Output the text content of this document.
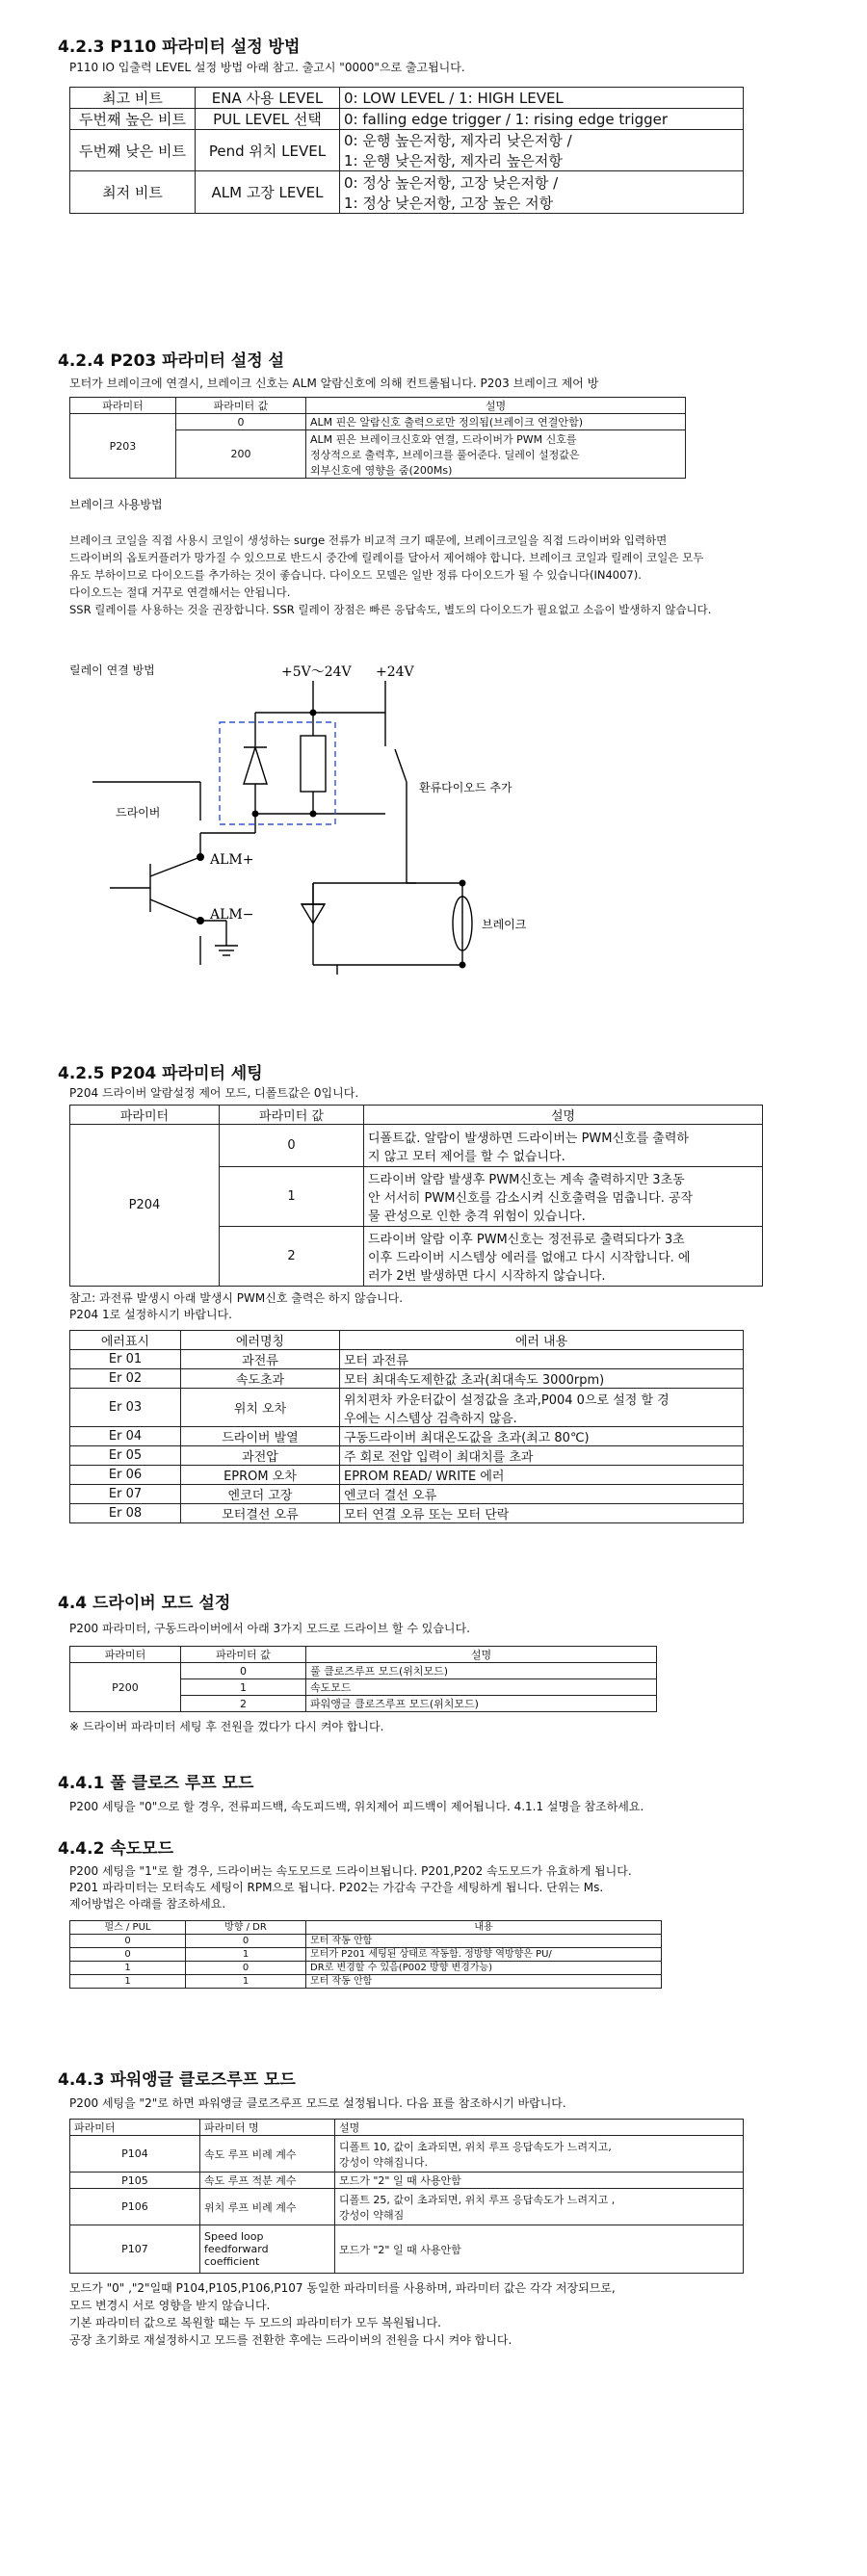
4.2.3 P110 파라미터 설정 방법

P110 IO 입출력 LEVEL 설정 방법 아래 참고. 출고시 "0000"으로 출고됩니다.

최고 비트	ENA 사용 LEVEL	0: LOW LEVEL / 1: HIGH LEVEL

두번째 높은 비트	PUL LEVEL 선택	0: falling edge trigger / 1: rising edge trigger

두번째 낮은 비트	Pend 위치 LEVEL	0: 운행 높은저항, 제자리 낮은저항 /
1: 운행 낮은저항, 제자리 높은저항

최저 비트	ALM 고장 LEVEL	0: 정상 높은저항, 고장 낮은저항 /
1: 정상 낮은저항, 고장 높은 저항
4.2.4 P203 파라미터 설정 설

모터가 브레이크에 연결시, 브레이크 신호는 ALM 알람신호에 의해 컨트롤됩니다. P203 브레이크 제어 방

파라미터	파라미터 값	설명
P203	0	ALM 핀은 알람신호 출력으로만 정의됨(브레이크 연결안함)
	200	ALM 핀은 브레이크신호와 연결, 드라이버가 PWM 신호를
정상적으로 출력후, 브레이크를 풀어준다. 딜레이 설정값은
외부신호에 영향을 줌(200Ms)

브레이크 사용방법

브레이크 코일을 직접 사용시 코일이 생성하는 surge 전류가 비교적 크기 때문에, 브레이크코일을 직접 드라이버와 입력하면
드라이버의 옵토커플러가 망가질 수 있으므로 반드시 중간에 릴레이를 달아서 제어해야 합니다. 브레이크 코일과 릴레이 코일은 모두
유도 부하이므로 다이오드를 추가하는 것이 좋습니다. 다이오드 모델은 일반 정류 다이오드가 될 수 있습니다(IN4007).
다이오드는 절대 거꾸로 연결해서는 안됩니다.
SSR 릴레이를 사용하는 것을 권장합니다. SSR 릴레이 장점은 빠른 응답속도, 별도의 다이오드가 필요없고 소음이 발생하지 않습니다.

릴레이 연결 방법	+5V～24V +24V
환류다이오드 추가
드라이버
ALM+
ALM−
브레이크
4.2.5 P204 파라미터 세팅

P204 드라이버 알람설정 제어 모드, 디폴트값은 0입니다.

파라미터	파라미터 값	설명
P204	0	디폴트값. 알람이 발생하면 드라이버는 PWM신호를 출력하
지 않고 모터 제어를 할 수 없습니다.

	1	드라이버 알람 발생후 PWM신호는 계속 출력하지만 3초동
안 서서히 PWM신호를 감소시켜 신호출력을 멈춥니다. 공작
물 관성으로 인한 충격 위험이 있습니다.

	2	드라이버 알람 이후 PWM신호는 정전류로 출력되다가 3초
이후 드라이버 시스템상 에러를 없애고 다시 시작합니다. 에
러가 2번 발생하면 다시 시작하지 않습니다.

참고: 과전류 발생시 아래 발생시 PWM신호 출력은 하지 않습니다.

P204 1로 설정하시기 바랍니다.

에러표시	에러명칭	에러 내용
Er 01	과전류	모터 과전류
Er 02	속도초과	모터 최대속도제한값 초과(최대속도 3000rpm)
Er 03	위치 오차	위치편차 카운터값이 설정값을 초과,P004 0으로 설정 할 경
우에는 시스템상 검측하지 않음.

Er 04	드라이버 발열	구동드라이버 최대온도값을 초과(최고 80℃)
Er 05	과전압	주 회로 전압 입력이 최대치를 초과
Er 06	EPROM 오차	EPROM READ/ WRITE 에러
Er 07	엔코더 고장	엔코더 결선 오류
Er 08	모터결선 오류	모터 연결 오류 또는 모터 단락
4.4 드라이버 모드 설정

P200 파라미터, 구동드라이버에서 아래 3가지 모드로 드라이브 할 수 있습니다.

파라미터	파라미터 값	설명
P200	0	풀 클로즈루프 모드(위치모드)
	1	속도모드
	2	파워앵글 클로즈루프 모드(위치모드)

※ 드라이버 파라미터 세팅 후 전원을 껐다가 다시 켜야 합니다.

4.4.1 풀 클로즈 루프 모드

P200 세팅을 "0"으로 할 경우, 전류피드백, 속도피드백, 위치제어 피드백이 제어됩니다. 4.1.1 설명을 참조하세요.

4.4.2 속도모드

P200 세팅을 "1"로 할 경우, 드라이버는 속도모드로 드라이브됩니다. P201,P202 속도모드가 유효하게 됩니다.

P201 파라미터는 모터속도 세팅이 RPM으로 됩니다. P202는 가감속 구간을 세팅하게 됩니다. 단위는 Ms.

제어방법은 아래를 참조하세요.

펄스 / PUL	방향 / DR	내용
0	0	모터 작동 안함
0	1	모터가 P201 세팅된 상태로 작동함. 정방향 역방향은 PU/
1	0	DR로 변경할 수 있음(P002 방향 변경가능)
1	1	모터 작동 안함
4.4.3 파워앵글 클로즈루프 모드

P200 세팅을 "2"로 하면 파워앵글 클로즈루프 모드로 설정됩니다. 다음 표를 참조하시기 바랍니다.

파라미터	파라미터 명	설명
P104	속도 루프 비례 계수	디폴트 10, 값이 초과되면, 위치 루프 응답속도가 느려지고,
강성이 약해집니다.

P105	속도 루프 적분 계수	모드가 "2" 일 때 사용안함
P106	위치 루프 비례 계수	디폴트 25, 값이 초과되면, 위치 루프 응답속도가 느려지고 ,
강성이 약해짐

P107	Speed loop
feedforward
coefficient	모드가 "2" 일 때 사용안함
모드가 "0" ,"2"일때 P104,P105,P106,P107 동일한 파라미터를 사용하며, 파라미터 값은 각각 저장되므로,
모드 변경시 서로 영향을 받지 않습니다.
기본 파라미터 값으로 복원할 때는 두 모드의 파라미터가 모두 복원됩니다.
공장 초기화로 재설정하시고 모드를 전환한 후에는 드라이버의 전원을 다시 켜야 합니다.
